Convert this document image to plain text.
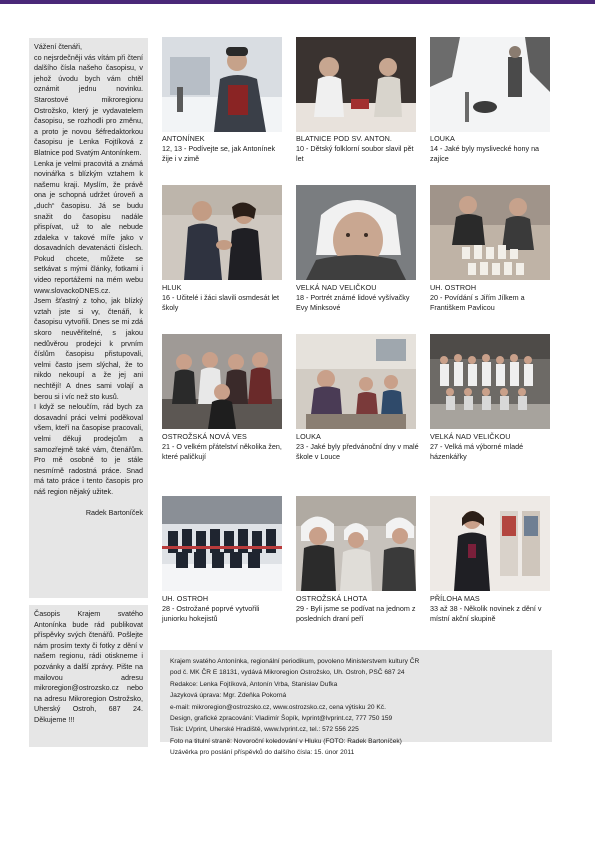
Vážení čtenáři,
co nejsrdečněji vás vítám při čtení dalšího čísla našeho časopisu, v jehož úvodu bych vám chtěl oznámit jednu novinku. Starostové mikroregionu Ostrožsko, který je vydavatelem časopisu, se rozhodli pro změnu, a proto je novou šéfredaktorkou časopisu je Lenka Fojtíková z Blatnice pod Svatým Antonínkem.

Lenka je velmi pracovitá a známá novinářka s blízkým vztahem k našemu kraji. Myslím, že právě ona je schopná udržet úroveň a „duch“ časopisu. Já se budu snažit do časopisu nadále přispívat, už to ale nebude zdaleka v takové míře jako v dosavadních devatenácti číslech. Pokud chcete, můžete se setkávat s mými články, fotkami i video reportážemi na mém webu www.slovackoDNES.cz.

Jsem šťastný z toho, jak blízký vztah jste si vy, čtenáři, k časopisu vytvořili. Dnes se mi zdá skoro neuvěřitelné, s jakou nedůvěrou prodejci k prvním číslům časopisu přistupovali, velmi často jsem slýchal, že to nikdo nekoupí a že jej ani nechtějí! A dnes sami volají a berou si i víc než sto kusů.

I když se neloučím, rád bych za dosavadní práci velmi poděkoval všem, kteří na časopise pracovali, velmi děkuji prodejcům a samozřejmě také vám, čtenářům. Pro mě osobně to je stále nesmírně radostná práce. Snad má tato práce i tento časopis pro náš region nějaký užitek.

Radek Bartoníček

Časopis Krajem svatého Antonínka bude rád publikovat příspěvky svých čtenářů. Pošlejte nám prosím texty či fotky z dění v našem regionu, rádi otiskneme i pozvánky a další zprávy. Pište na mailovou adresu mikroregion@ostrozsko.cz nebo na adresu Mikroregion Ostrožsko, Uherský Ostroh, 687 24. Děkujeme !!!

ANTONÍNEK
12, 13 - Podívejte se, jak Antonínek žije i v zimě
BLATNICE POD SV. ANTON.
10 - Dětský folklorní soubor slavil pět let
LOUKA
14 - Jaké byly myslivecké hony na zajíce
HLUK
16 - Učitelé i žáci slavili osmdesát let školy
VELKÁ NAD VELIČKOU
18 - Portrét známé lidové vyšívačky Evy Minksové
UH. OSTROH
20 - Povídání s Jiřím Jílkem a Františkem Pavlicou
OSTROŽSKÁ NOVÁ VES
21 - O velkém přátelství několika žen, které paličkují
LOUKA
23 - Jaké byly předvánoční dny v malé škole v Louce
VELKÁ NAD VELIČKOU
27 - Velká má výborné mladé házenkářky
UH. OSTROH
28 - Ostrožané poprvé vytvořili juniorku hokejistů
OSTROŽSKÁ LHOTA
29 - Byli jsme se podívat na jednom z posledních draní peří
PŘÍLOHA MAS
33 až 38 - Několik novinek z dění v místní akční skupině
Krajem svatého Antonínka, regionální periodikum, povoleno Ministerstvem kultury ČR
pod č. MK ČR E 18131, vydává Mikroregion Ostrožsko, Uh. Ostroh, PSČ 687 24
Redakce: Lenka Fojtíková, Antonín Vrba, Stanislav Dufka
Jazyková úprava: Mgr. Zdeňka Pokorná
e-mail: mikroregion@ostrozsko.cz, www.ostrozsko.cz, cena výtisku 20 Kč.
Design, grafické zpracování: Vladimír Šopík, lvprint@lvprint.cz, 777 750 159
Tisk: LVprint, Uherské Hradiště, www.lvprint.cz, tel.: 572 556 225
Foto na titulní straně: Novoroční koledování v Hluku (FOTO: Radek Bartoníček)
Uzávěrka pro poslání příspěvků do dalšího čísla: 15. únor 2011
